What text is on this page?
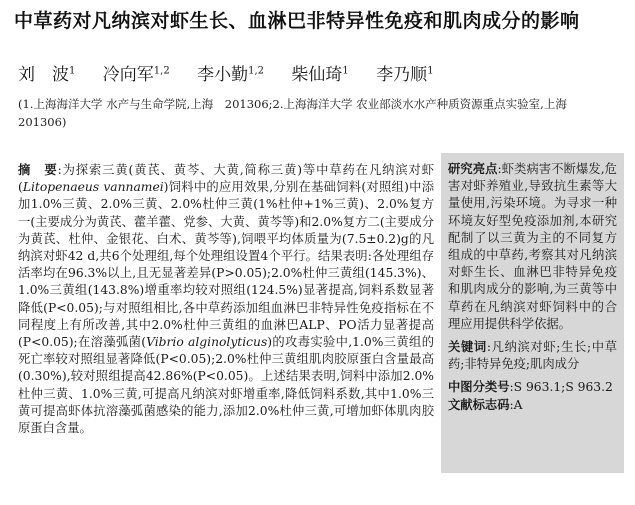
中草药对凡纳滨对虾生长、血淋巴非特异性免疫和肌肉成分的影响
刘　波$^1$ 冷向军$^{1,2}$ 李小勤$^{1,2}$ 柴仙琦$^1$ 李乃顺$^1$
(1.上海海洋大学 水产与生命学院,上海　201306;2.上海海洋大学 农业部淡水水产种质资源重点实验室,上海　201306)
摘　要:为探索三黄(黄芪、黄芩、大黄,简称三黄)等中草药在凡纳滨对虾(Litopenaeus vannamei)饲料中的应用效果,分别在基础饲料(对照组)中添加1.0%三黄、2.0%三黄、2.0%杜仲三黄(1%杜仲+1%三黄)、2.0%复方一(主要成分为黄芪、藿羊藿、党参、大黄、黄芩等)和2.0%复方二(主要成分为黄芪、杜仲、金银花、白术、黄芩等),饲喂平均体质量为(7.5±0.2)g的凡纳滨对虾42 d,共6个处理组,每个处理组设置4个平行。结果表明:各处理组存活率均在96.3%以上,且无显著差异(P>0.05);2.0%杜仲三黄组(145.3%)、1.0%三黄组(143.8%)增重率均较对照组(124.5%)显著提高,饲料系数显著降低(P<0.05);与对照组相比,各中草药添加组血淋巴非特异性免疫指标在不同程度上有所改善,其中2.0%杜仲三黄组的血淋巴ALP、PO活力显著提高(P<0.05);在溶藻弧菌(Vibrio alginolyticus)的攻毒实验中,1.0%三黄组的死亡率较对照组显著降低(P<0.05);2.0%杜仲三黄组肌肉胶原蛋白含量最高(0.30%),较对照组提高42.86%(P<0.05)。上述结果表明,饲料中添加2.0%杜仲三黄、1.0%三黄,可提高凡纳滨对虾增重率,降低饲料系数,其中1.0%三黄可提高虾体抗溶藻弧菌感染的能力,添加2.0%杜仲三黄,可增加虾体肌肉胶原蛋白含量。
研究亮点:虾类病害不断爆发,危害对虾养殖业,导致抗生素等大量使用,污染环境。为寻求一种环境友好型免疫添加剂,本研究配制了以三黄为主的不同复方组成的中草药,考察其对凡纳滨对虾生长、血淋巴非特异免疫和肌肉成分的影响,为三黄等中草药在凡纳滨对虾饲料中的合理应用提供科学依据。
关键词:凡纳滨对虾;生长;中草药;非特异免疫;肌肉成分
中图分类号:S 963.1;S 963.2
文献标志码:A
